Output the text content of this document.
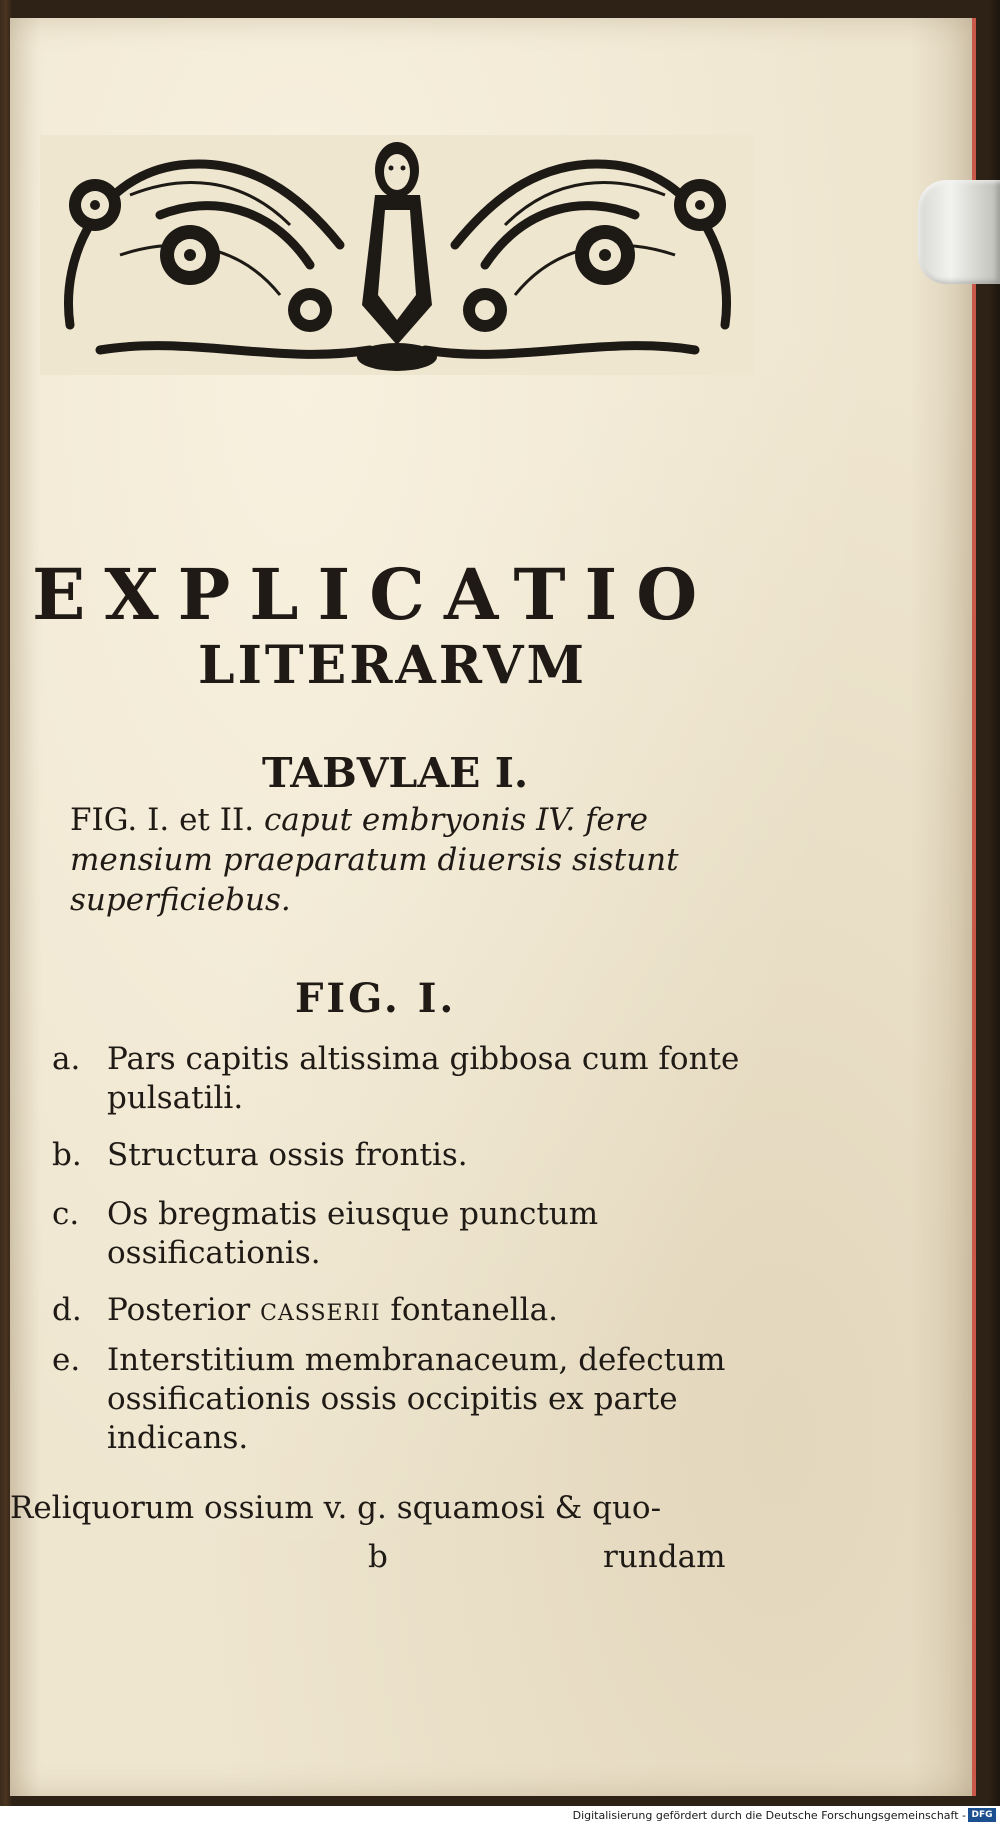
EXPLICATIO
LITERARVM
TABVLAE I.

FIG. I. et II. caput embryonis IV. fere mensium praeparatum diuersis sistunt superficiebus.

FIG. I.
a. Pars capitis altissima gibbosa cum fonte pulsatili.
b. Structura ossis frontis.
c. Os bregmatis eiusque punctum ossificationis.
d. Posterior casserii fontanella.
e. Interstitium membranaceum, defectum ossificationis ossis occipitis ex parte indicans.

Reliquorum ossium v. g. squamosi & quo-

b	rundam

Digitalisierung gefördert durch die Deutsche Forschungsgemeinschaft - DFG
